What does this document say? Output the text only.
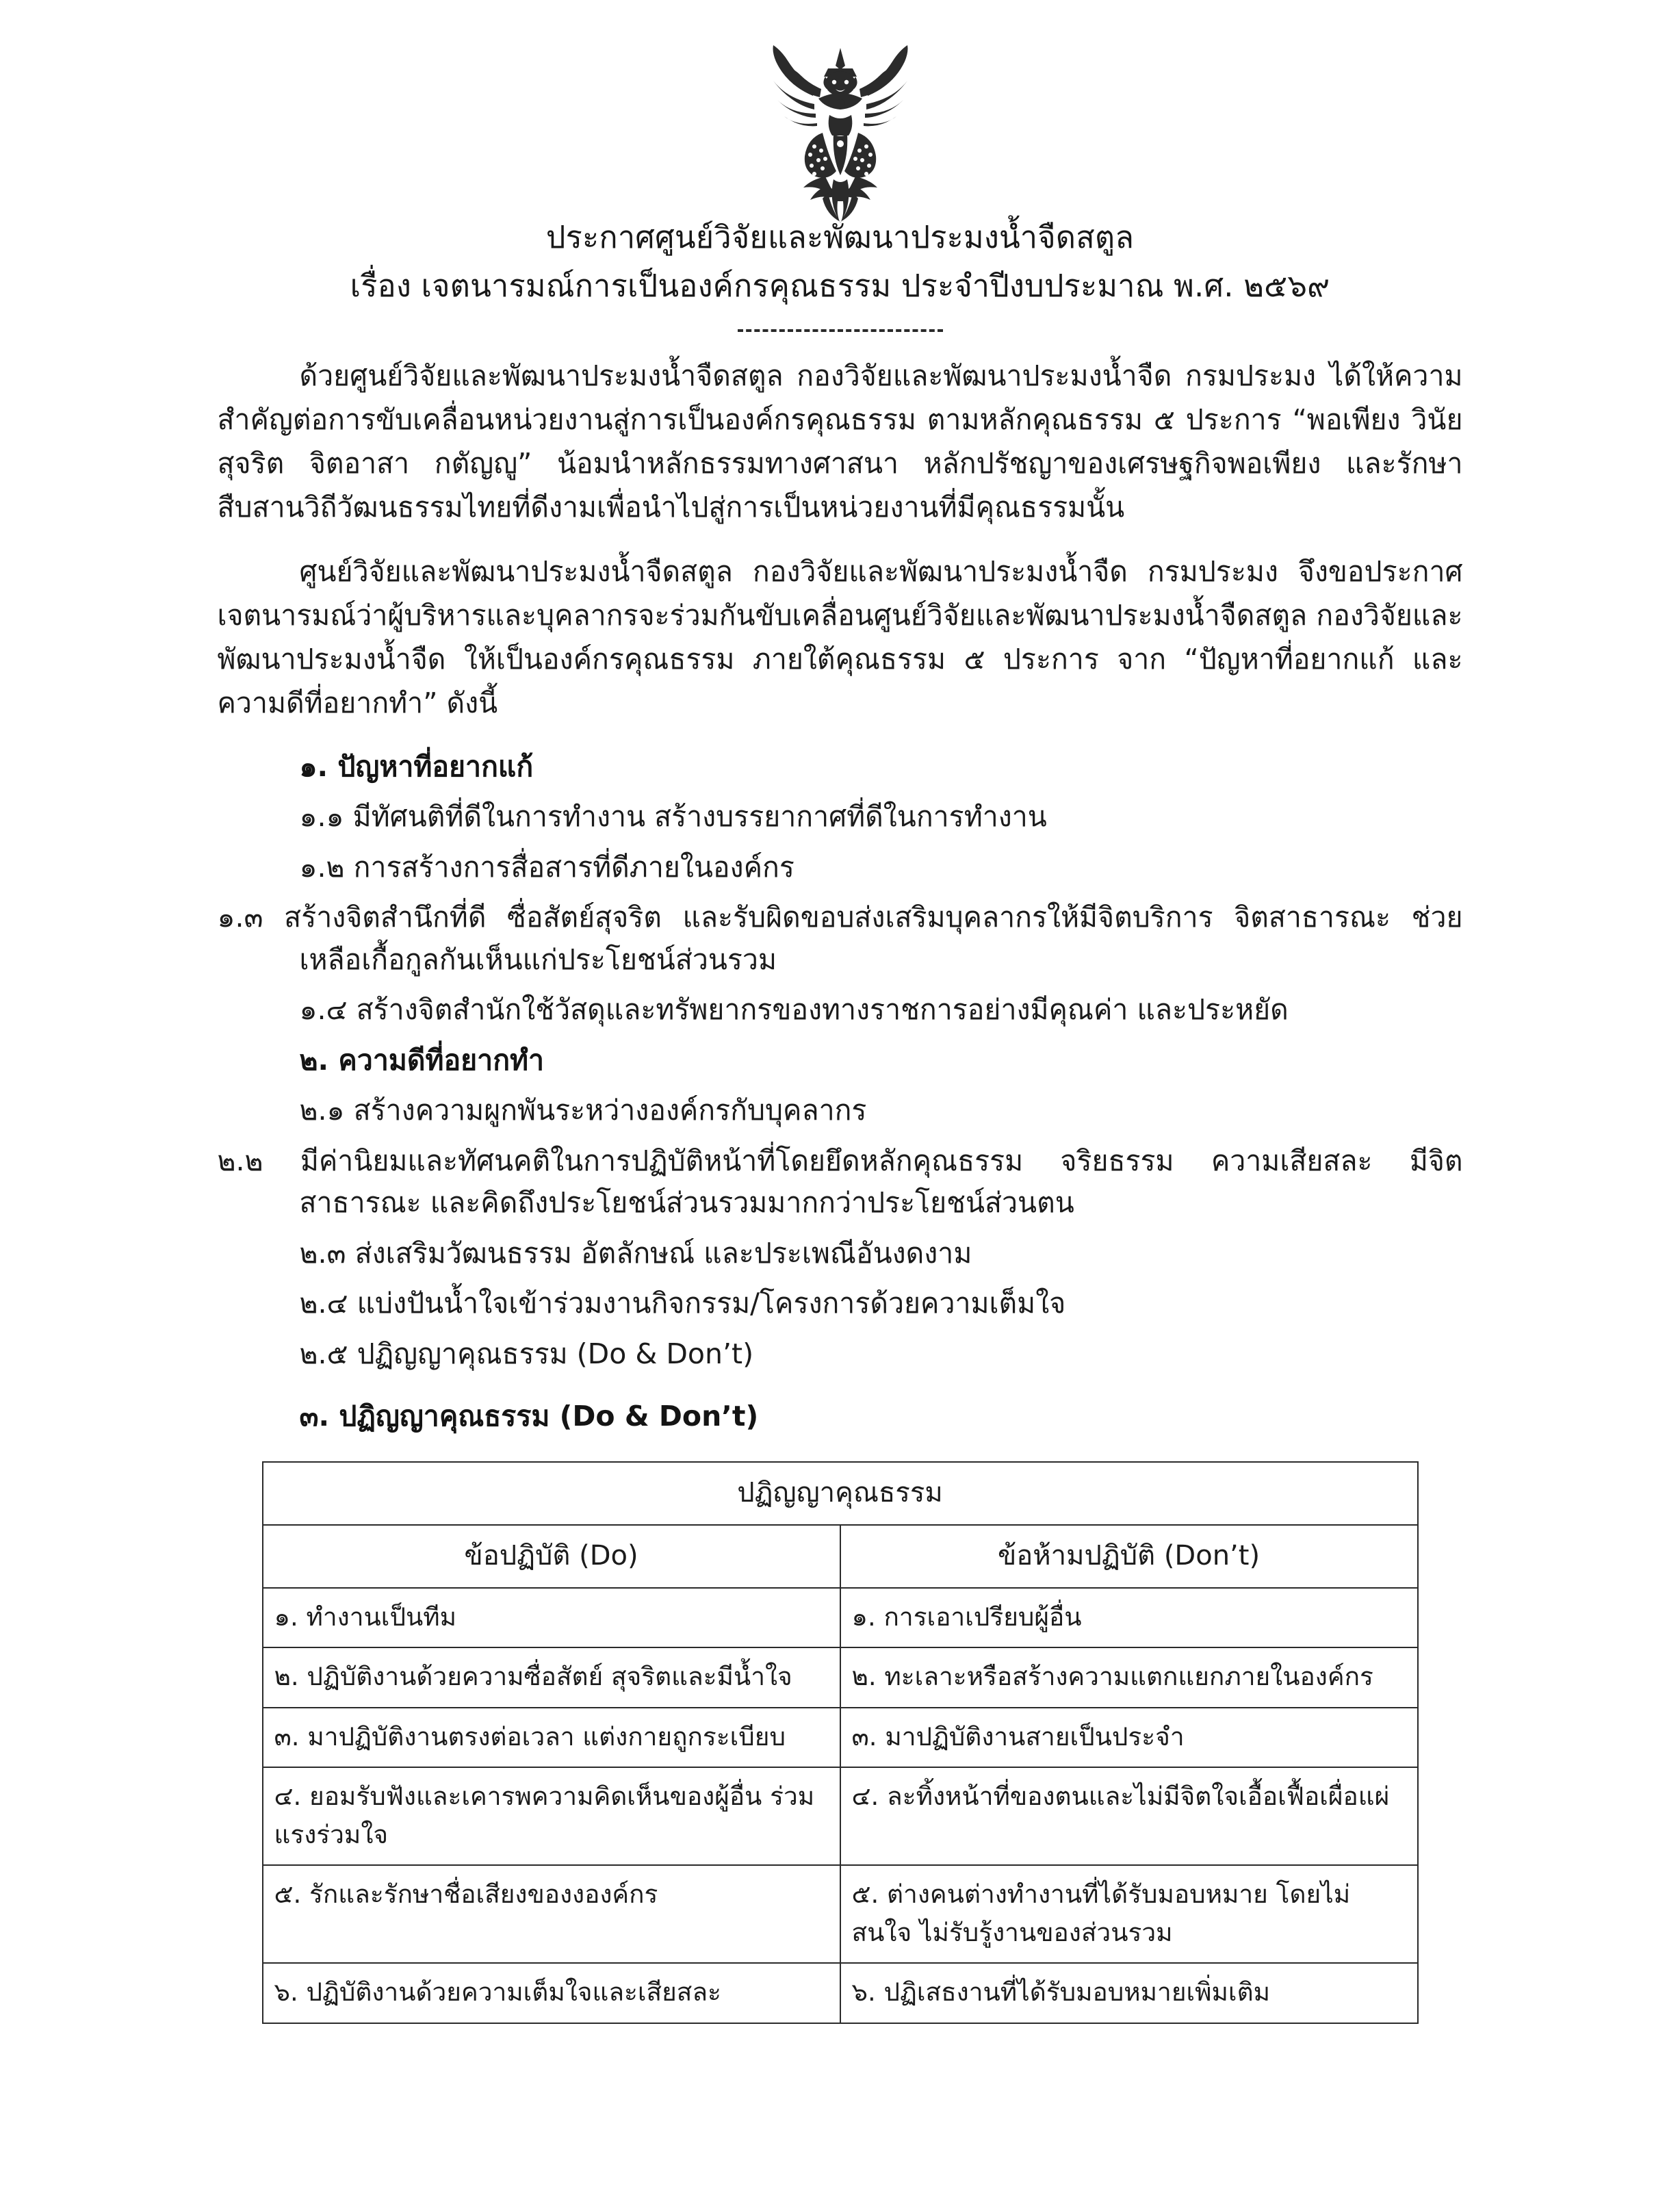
ประกาศศูนย์วิจัยและพัฒนาประมงน้ำจืดสตูล
เรื่อง เจตนารมณ์การเป็นองค์กรคุณธรรม ประจำปีงบประมาณ พ.ศ. ๒๕๖๙

ด้วยศูนย์วิจัยและพัฒนาประมงน้ำจืดสตูล กองวิจัยและพัฒนาประมงน้ำจืด กรมประมง ได้ให้ความสำคัญต่อการขับเคลื่อนหน่วยงานสู่การเป็นองค์กรคุณธรรม ตามหลักคุณธรรม ๕ ประการ “พอเพียง วินัย สุจริต จิตอาสา กตัญญู” น้อมนำหลักธรรมทางศาสนา หลักปรัชญาของเศรษฐกิจพอเพียง และรักษาสืบสานวิถีวัฒนธรรมไทยที่ดีงามเพื่อนำไปสู่การเป็นหน่วยงานที่มีคุณธรรมนั้น

ศูนย์วิจัยและพัฒนาประมงน้ำจืดสตูล กองวิจัยและพัฒนาประมงน้ำจืด กรมประมง จึงขอประกาศเจตนารมณ์ว่าผู้บริหารและบุคลากรจะร่วมกันขับเคลื่อนศูนย์วิจัยและพัฒนาประมงน้ำจืดสตูล กองวิจัยและพัฒนาประมงน้ำจืด ให้เป็นองค์กรคุณธรรม ภายใต้คุณธรรม ๕ ประการ จาก “ปัญหาที่อยากแก้ และความดีที่อยากทำ” ดังนี้

๑. ปัญหาที่อยากแก้
๑.๑ มีทัศนติที่ดีในการทำงาน สร้างบรรยากาศที่ดีในการทำงาน
๑.๒ การสร้างการสื่อสารที่ดีภายในองค์กร
๑.๓ สร้างจิตสำนึกที่ดี ซื่อสัตย์สุจริต และรับผิดขอบส่งเสริมบุคลากรให้มีจิตบริการ จิตสาธารณะ ช่วยเหลือเกื้อกูลกันเห็นแก่ประโยชน์ส่วนรวม
๑.๔ สร้างจิตสำนักใช้วัสดุและทรัพยากรของทางราชการอย่างมีคุณค่า และประหยัด
๒. ความดีที่อยากทำ
๒.๑ สร้างความผูกพันระหว่างองค์กรกับบุคลากร
๒.๒ มีค่านิยมและทัศนคติในการปฏิบัติหน้าที่โดยยึดหลักคุณธรรม จริยธรรม ความเสียสละ มีจิตสาธารณะ และคิดถึงประโยชน์ส่วนรวมมากกว่าประโยชน์ส่วนตน
๒.๓ ส่งเสริมวัฒนธรรม อัตลักษณ์ และประเพณีอันงดงาม
๒.๔ แบ่งปันน้ำใจเข้าร่วมงานกิจกรรม/โครงการด้วยความเต็มใจ
๒.๕ ปฏิญญาคุณธรรม (Do & Don’t)
๓. ปฏิญญาคุณธรรม (Do & Don’t)
ปฏิญญาคุณธรรม	
ข้อปฏิบัติ (Do)	ข้อห้ามปฏิบัติ (Don’t)
๑. ทำงานเป็นทีม	๑. การเอาเปรียบผู้อื่น
๒. ปฏิบัติงานด้วยความซื่อสัตย์ สุจริตและมีน้ำใจ	๒. ทะเลาะหรือสร้างความแตกแยกภายในองค์กร
๓. มาปฏิบัติงานตรงต่อเวลา แต่งกายถูกระเบียบ	๓. มาปฏิบัติงานสายเป็นประจำ
๔. ยอมรับฟังและเคารพความคิดเห็นของผู้อื่น ร่วมแรงร่วมใจ	๔. ละทิ้งหน้าที่ของตนและไม่มีจิตใจเอื้อเฟื้อเผื่อแผ่
๕. รักและรักษาชื่อเสียงของงองค์กร	๕. ต่างคนต่างทำงานที่ได้รับมอบหมาย โดยไม่สนใจ ไม่รับรู้งานของส่วนรวม
๖. ปฏิบัติงานด้วยความเต็มใจและเสียสละ	๖. ปฏิเสธงานที่ได้รับมอบหมายเพิ่มเติม
